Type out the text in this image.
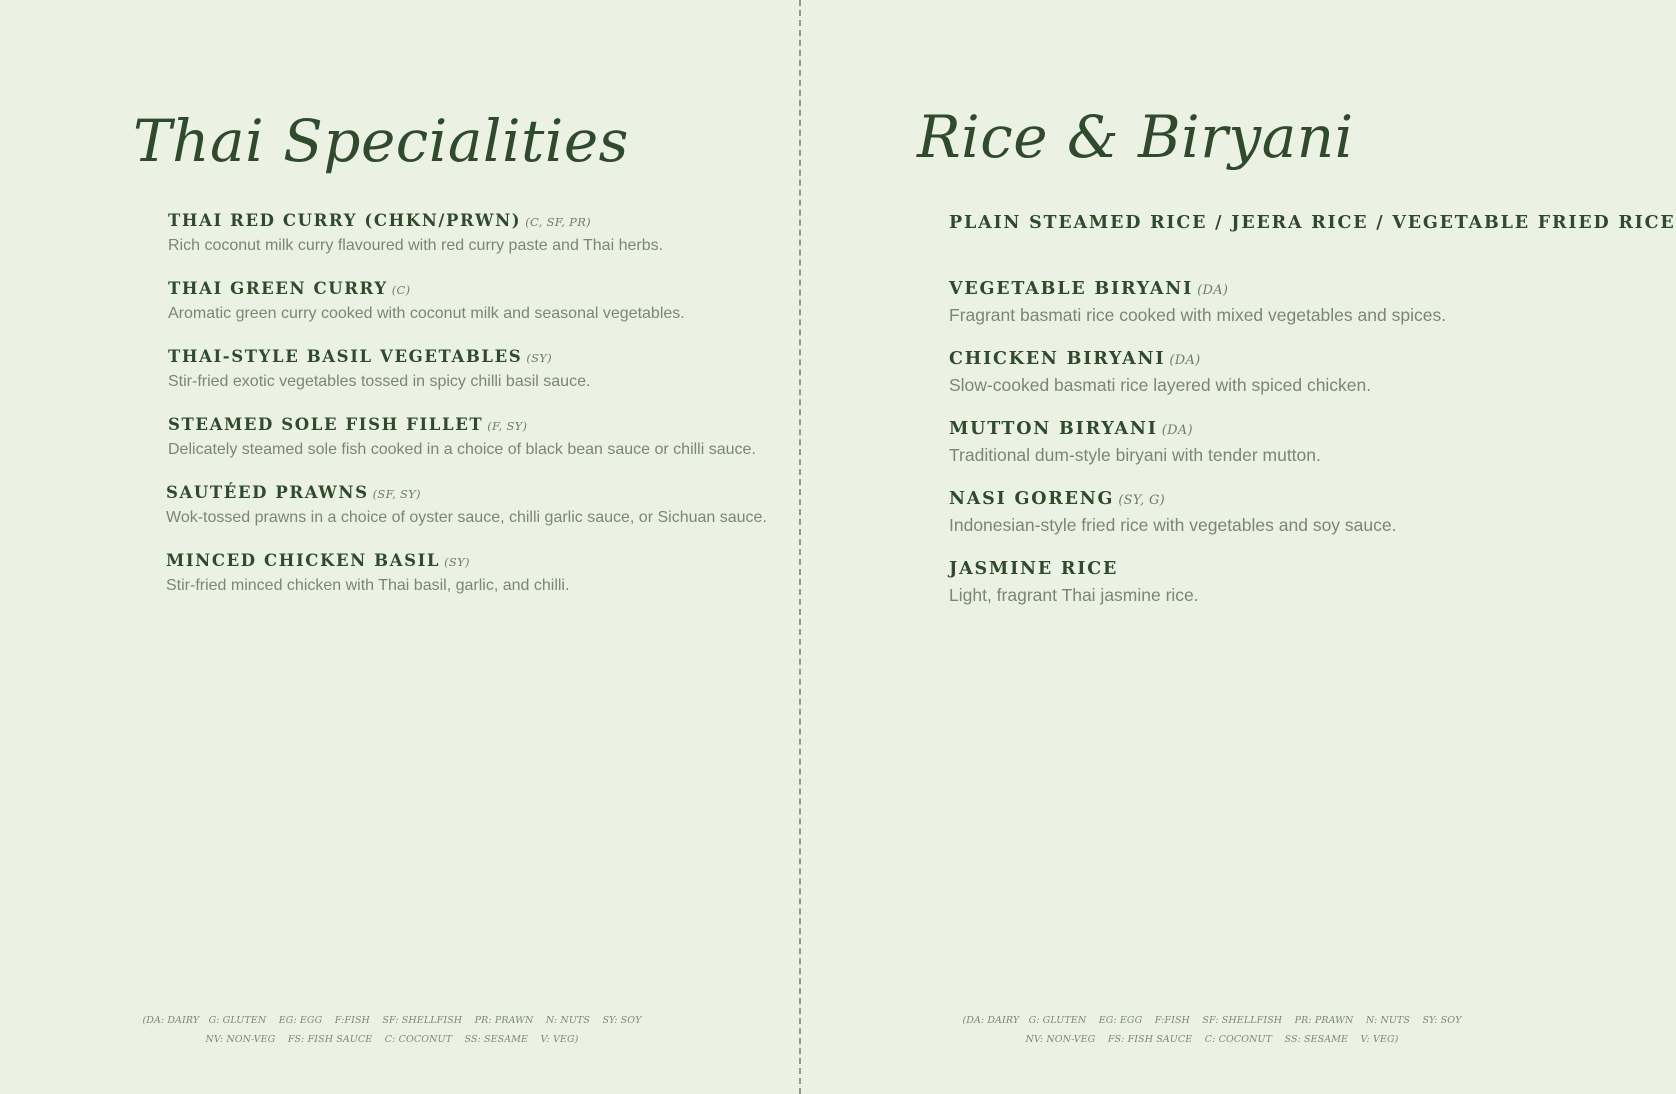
Thai Specialities
THAI RED CURRY (CHKN/PRWN) (C, SF, PR)
Rich coconut milk curry flavoured with red curry paste and Thai herbs.
THAI GREEN CURRY (C)
Aromatic green curry cooked with coconut milk and seasonal vegetables.
THAI-STYLE BASIL VEGETABLES (SY)
Stir-fried exotic vegetables tossed in spicy chilli basil sauce.
STEAMED SOLE FISH FILLET (F, SY)
Delicately steamed sole fish cooked in a choice of black bean sauce or chilli sauce.
SAUTÉED PRAWNS (SF, SY)
Wok-tossed prawns in a choice of oyster sauce, chilli garlic sauce, or Sichuan sauce.
MINCED CHICKEN BASIL (SY)
Stir-fried minced chicken with Thai basil, garlic, and chilli.
(DA: DAIRY   G: GLUTEN    EG: EGG    F:FISH    SF: SHELLFISH    PR: PRAWN    N: NUTS    SY: SOY
NV: NON-VEG    FS: FISH SAUCE    C: COCONUT    SS: SESAME    V: VEG)
Rice & Biryani
PLAIN STEAMED RICE / JEERA RICE / VEGETABLE FRIED RICE
VEGETABLE BIRYANI (DA)
Fragrant basmati rice cooked with mixed vegetables and spices.
CHICKEN BIRYANI (DA)
Slow-cooked basmati rice layered with spiced chicken.
MUTTON BIRYANI (DA)
Traditional dum-style biryani with tender mutton.
NASI GORENG (SY, G)
Indonesian-style fried rice with vegetables and soy sauce.
JASMINE RICE
Light, fragrant Thai jasmine rice.
(DA: DAIRY   G: GLUTEN    EG: EGG    F:FISH    SF: SHELLFISH    PR: PRAWN    N: NUTS    SY: SOY
NV: NON-VEG    FS: FISH SAUCE    C: COCONUT    SS: SESAME    V: VEG)
